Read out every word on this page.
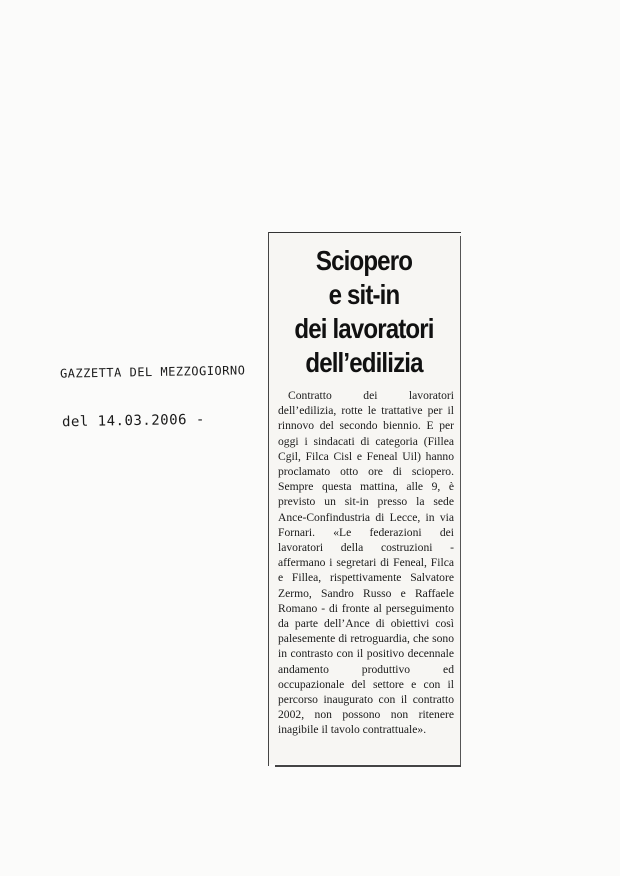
GAZZETTA DEL MEZZOGIORNO
del 14.03.2006 -
Sciopero
e sit-in
dei lavoratori
dell’edilizia

Contratto dei lavoratori dell’edilizia, rotte le trattative per il rinnovo del secondo biennio. E per oggi i sindacati di categoria (Fillea Cgil, Filca Cisl e Feneal Uil) hanno proclamato otto ore di sciopero. Sempre questa mattina, alle 9, è previsto un sit-in presso la sede Ance-Confindustria di Lecce, in via Fornari. «Le federazioni dei lavoratori della costruzioni - affermano i segretari di Feneal, Filca e Fillea, rispettivamente Salvatore Zermo, Sandro Russo e Raffaele Romano - di fronte al perseguimento da parte dell’Ance di obiettivi così palesemente di retroguardia, che sono in contrasto con il positivo decennale andamento produttivo ed occupazionale del settore e con il percorso inaugurato con il contratto 2002, non possono non ritenere inagibile il tavolo contrattuale».
